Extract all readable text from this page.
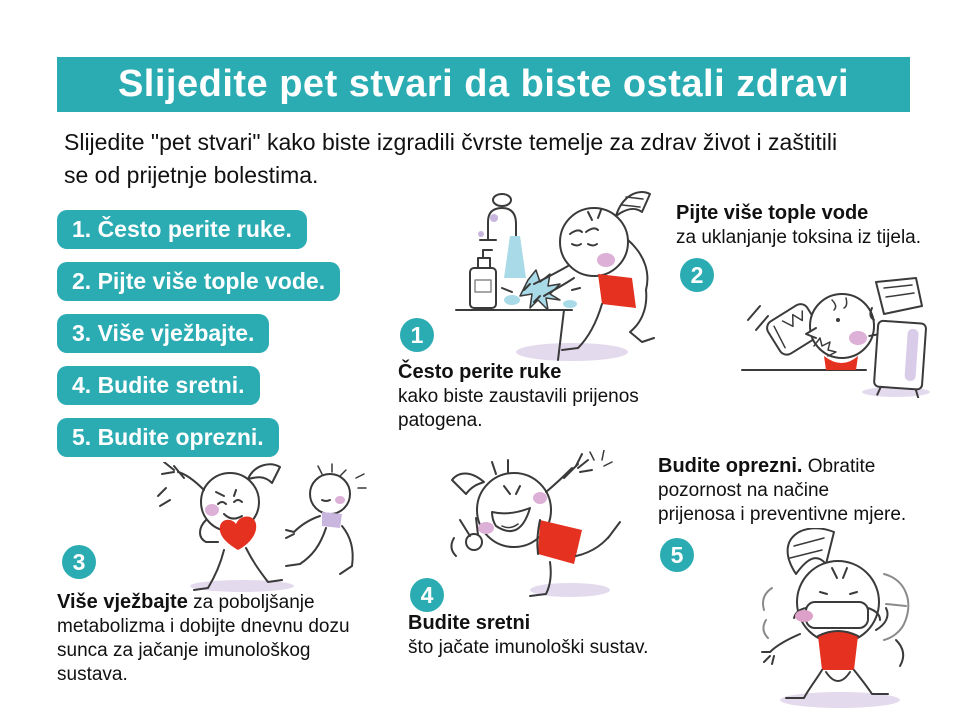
Slijedite pet stvari da biste ostali zdravi

Slijedite "pet stvari" kako biste izgradili čvrste temelje za zdrav život i zaštitili
se od prijetnje bolestima.

1. Često perite ruke.
2. Pijte više tople vode.
3. Više vježbajte.
4. Budite sretni.
5. Budite oprezni.
1

Često perite ruke
kako biste zaustavili prijenos patogena.

Pijte više tople vode
za uklanjanje toksina iz tijela.

2
3

Više vježbajte za poboljšanje metabolizma i dobijte dnevnu dozu sunca za jačanje imunološkog sustava.

4

Budite sretni
što jačate imunološki sustav.

Budite oprezni. Obratite pozornost na načine prijenosa i preventivne mjere.

5
